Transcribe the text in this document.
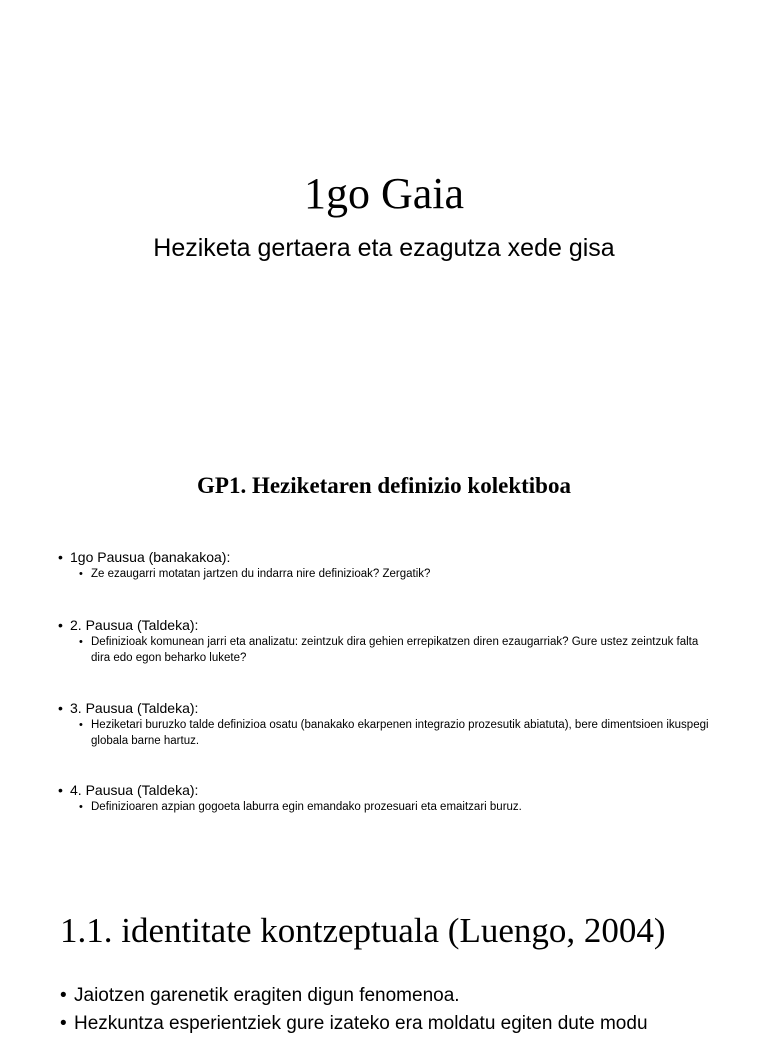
1go Gaia
Heziketa gertaera eta ezagutza xede gisa
GP1. Heziketaren definizio kolektiboa
• 1go Pausua (banakakoa):
• Ze ezaugarri motatan jartzen du indarra nire definizioak? Zergatik?
• 2. Pausua (Taldeka):
• Definizioak komunean jarri eta analizatu: zeintzuk dira gehien errepikatzen diren ezaugarriak? Gure ustez zeintzuk falta dira edo egon beharko lukete?
• 3. Pausua (Taldeka):
• Heziketari buruzko talde definizioa osatu (banakako ekarpenen integrazio prozesutik abiatuta), bere dimentsioen ikuspegi globala barne hartuz.
• 4. Pausua (Taldeka):
• Definizioaren azpian gogoeta laburra egin emandako prozesuari eta emaitzari buruz.
1.1. identitate kontzeptuala (Luengo, 2004)
• Jaiotzen garenetik eragiten digun fenomenoa.
• Hezkuntza esperientziek gure izateko era moldatu egiten dute modu
